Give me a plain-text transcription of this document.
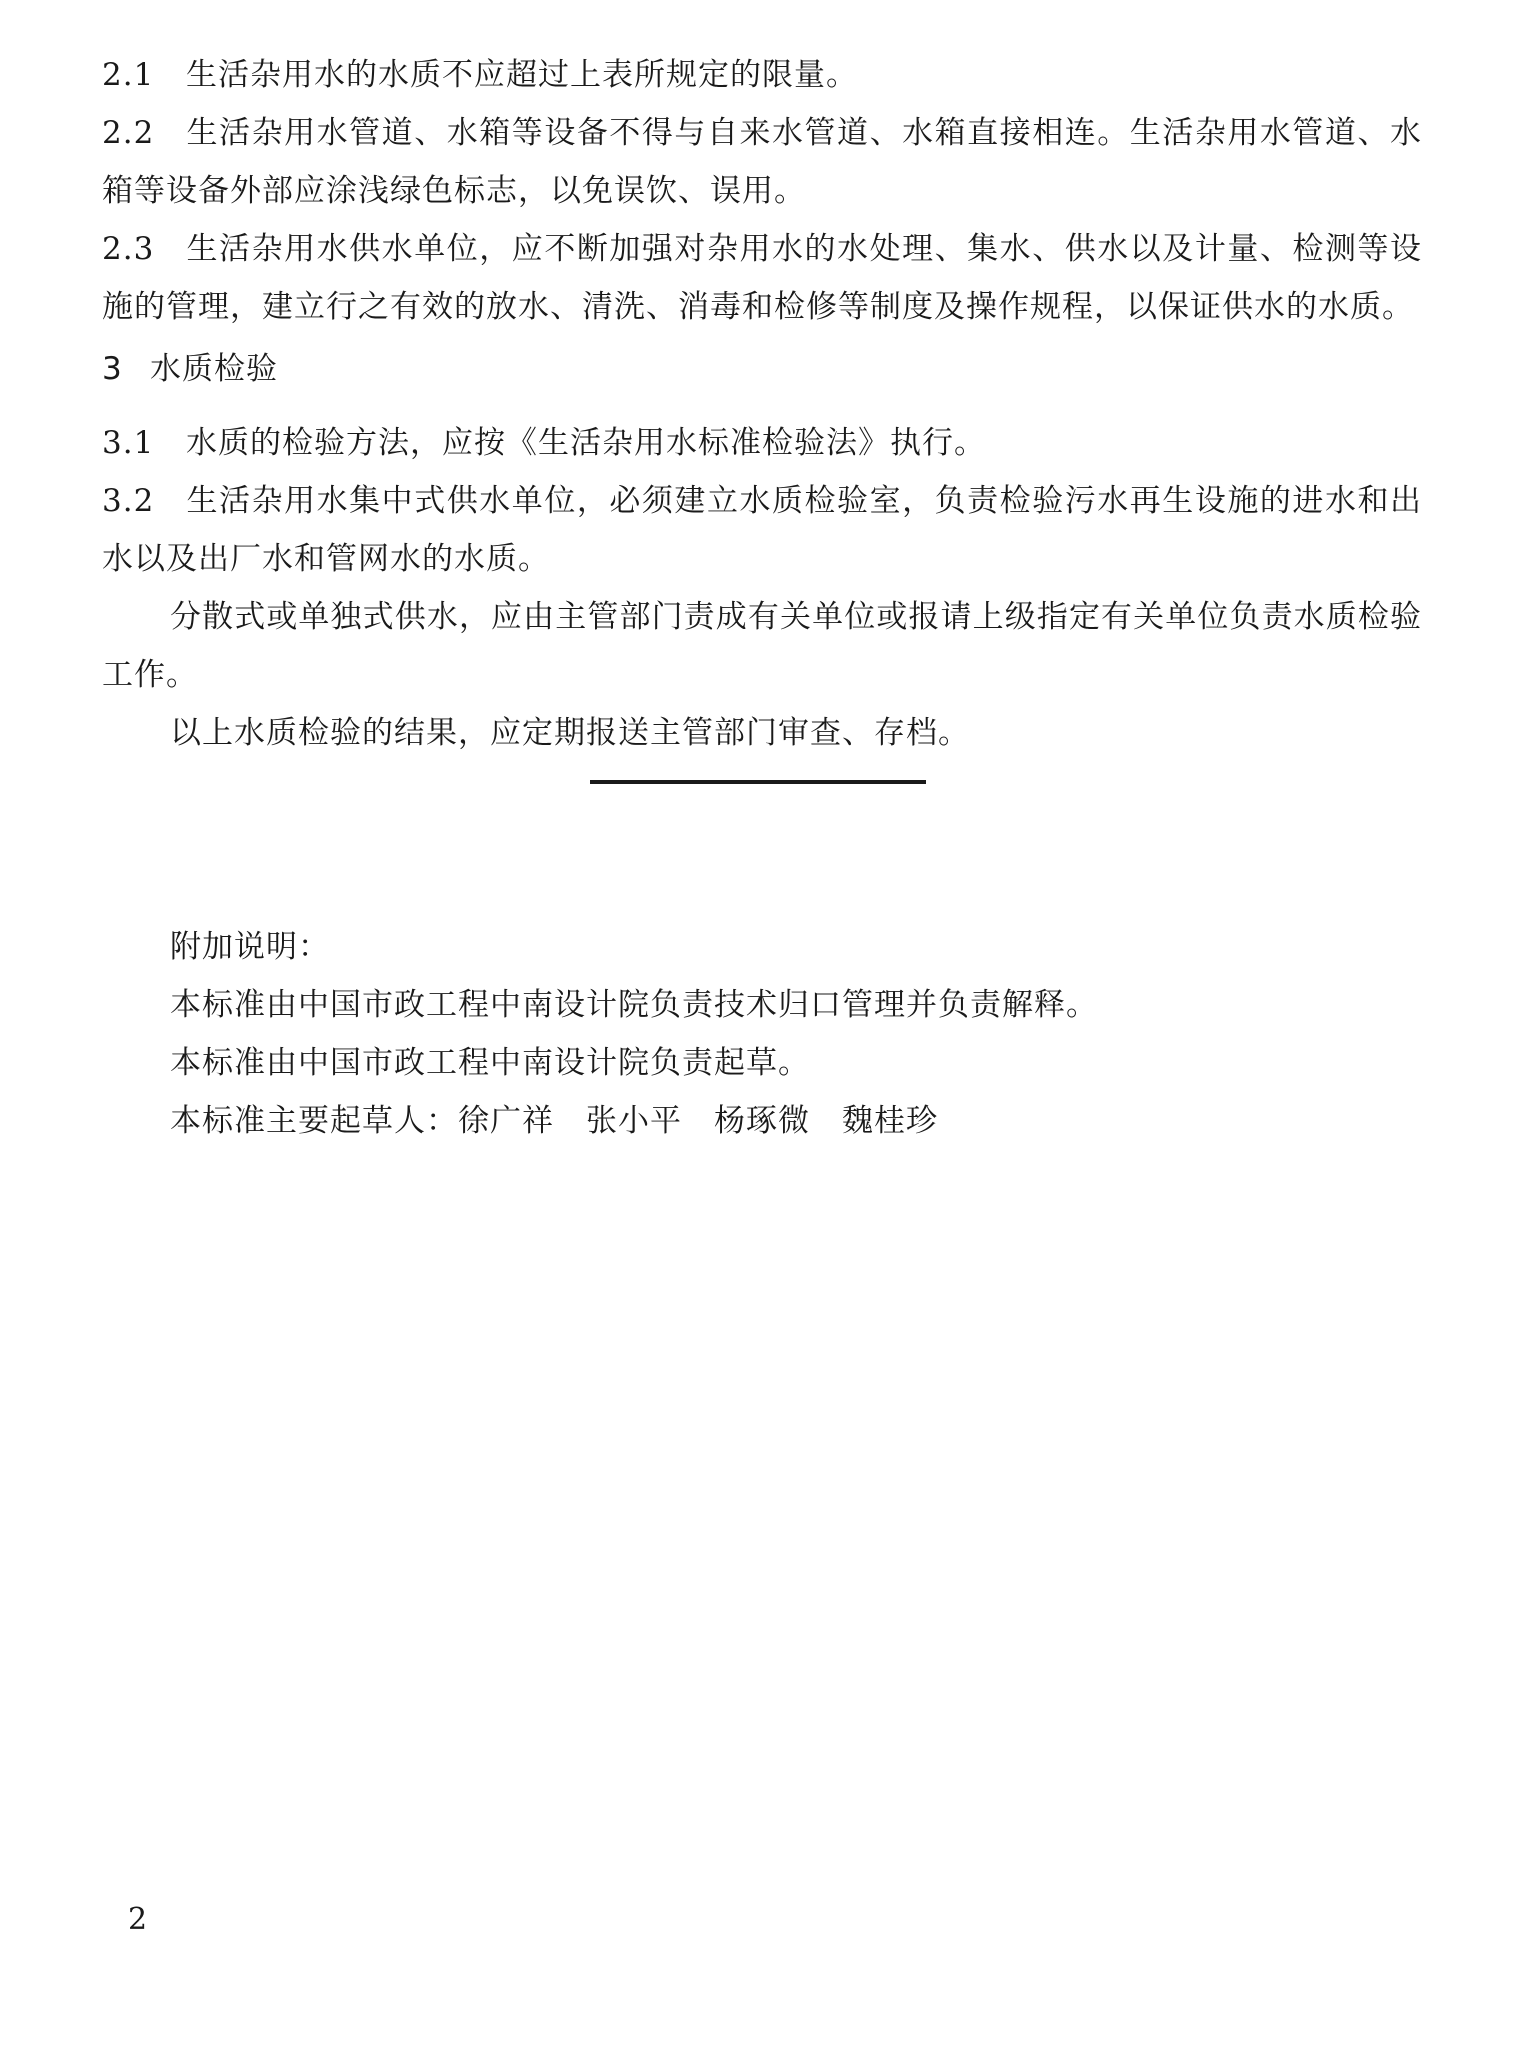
2.1 生活杂用水的水质不应超过上表所规定的限量。
2.2 生活杂用水管道、水箱等设备不得与自来水管道、水箱直接相连。生活杂用水管道、水箱等设备外部应涂浅绿色标志，以免误饮、误用。
2.3 生活杂用水供水单位，应不断加强对杂用水的水处理、集水、供水以及计量、检测等设施的管理，建立行之有效的放水、清洗、消毒和检修等制度及操作规程，以保证供水的水质。
3 水质检验
3.1 水质的检验方法，应按《生活杂用水标准检验法》执行。
3.2 生活杂用水集中式供水单位，必须建立水质检验室，负责检验污水再生设施的进水和出水以及出厂水和管网水的水质。
分散式或单独式供水，应由主管部门责成有关单位或报请上级指定有关单位负责水质检验工作。
以上水质检验的结果，应定期报送主管部门审查、存档。
附加说明：
本标准由中国市政工程中南设计院负责技术归口管理并负责解释。
本标准由中国市政工程中南设计院负责起草。
本标准主要起草人：徐广祥　张小平　杨琢微　魏桂珍
2
